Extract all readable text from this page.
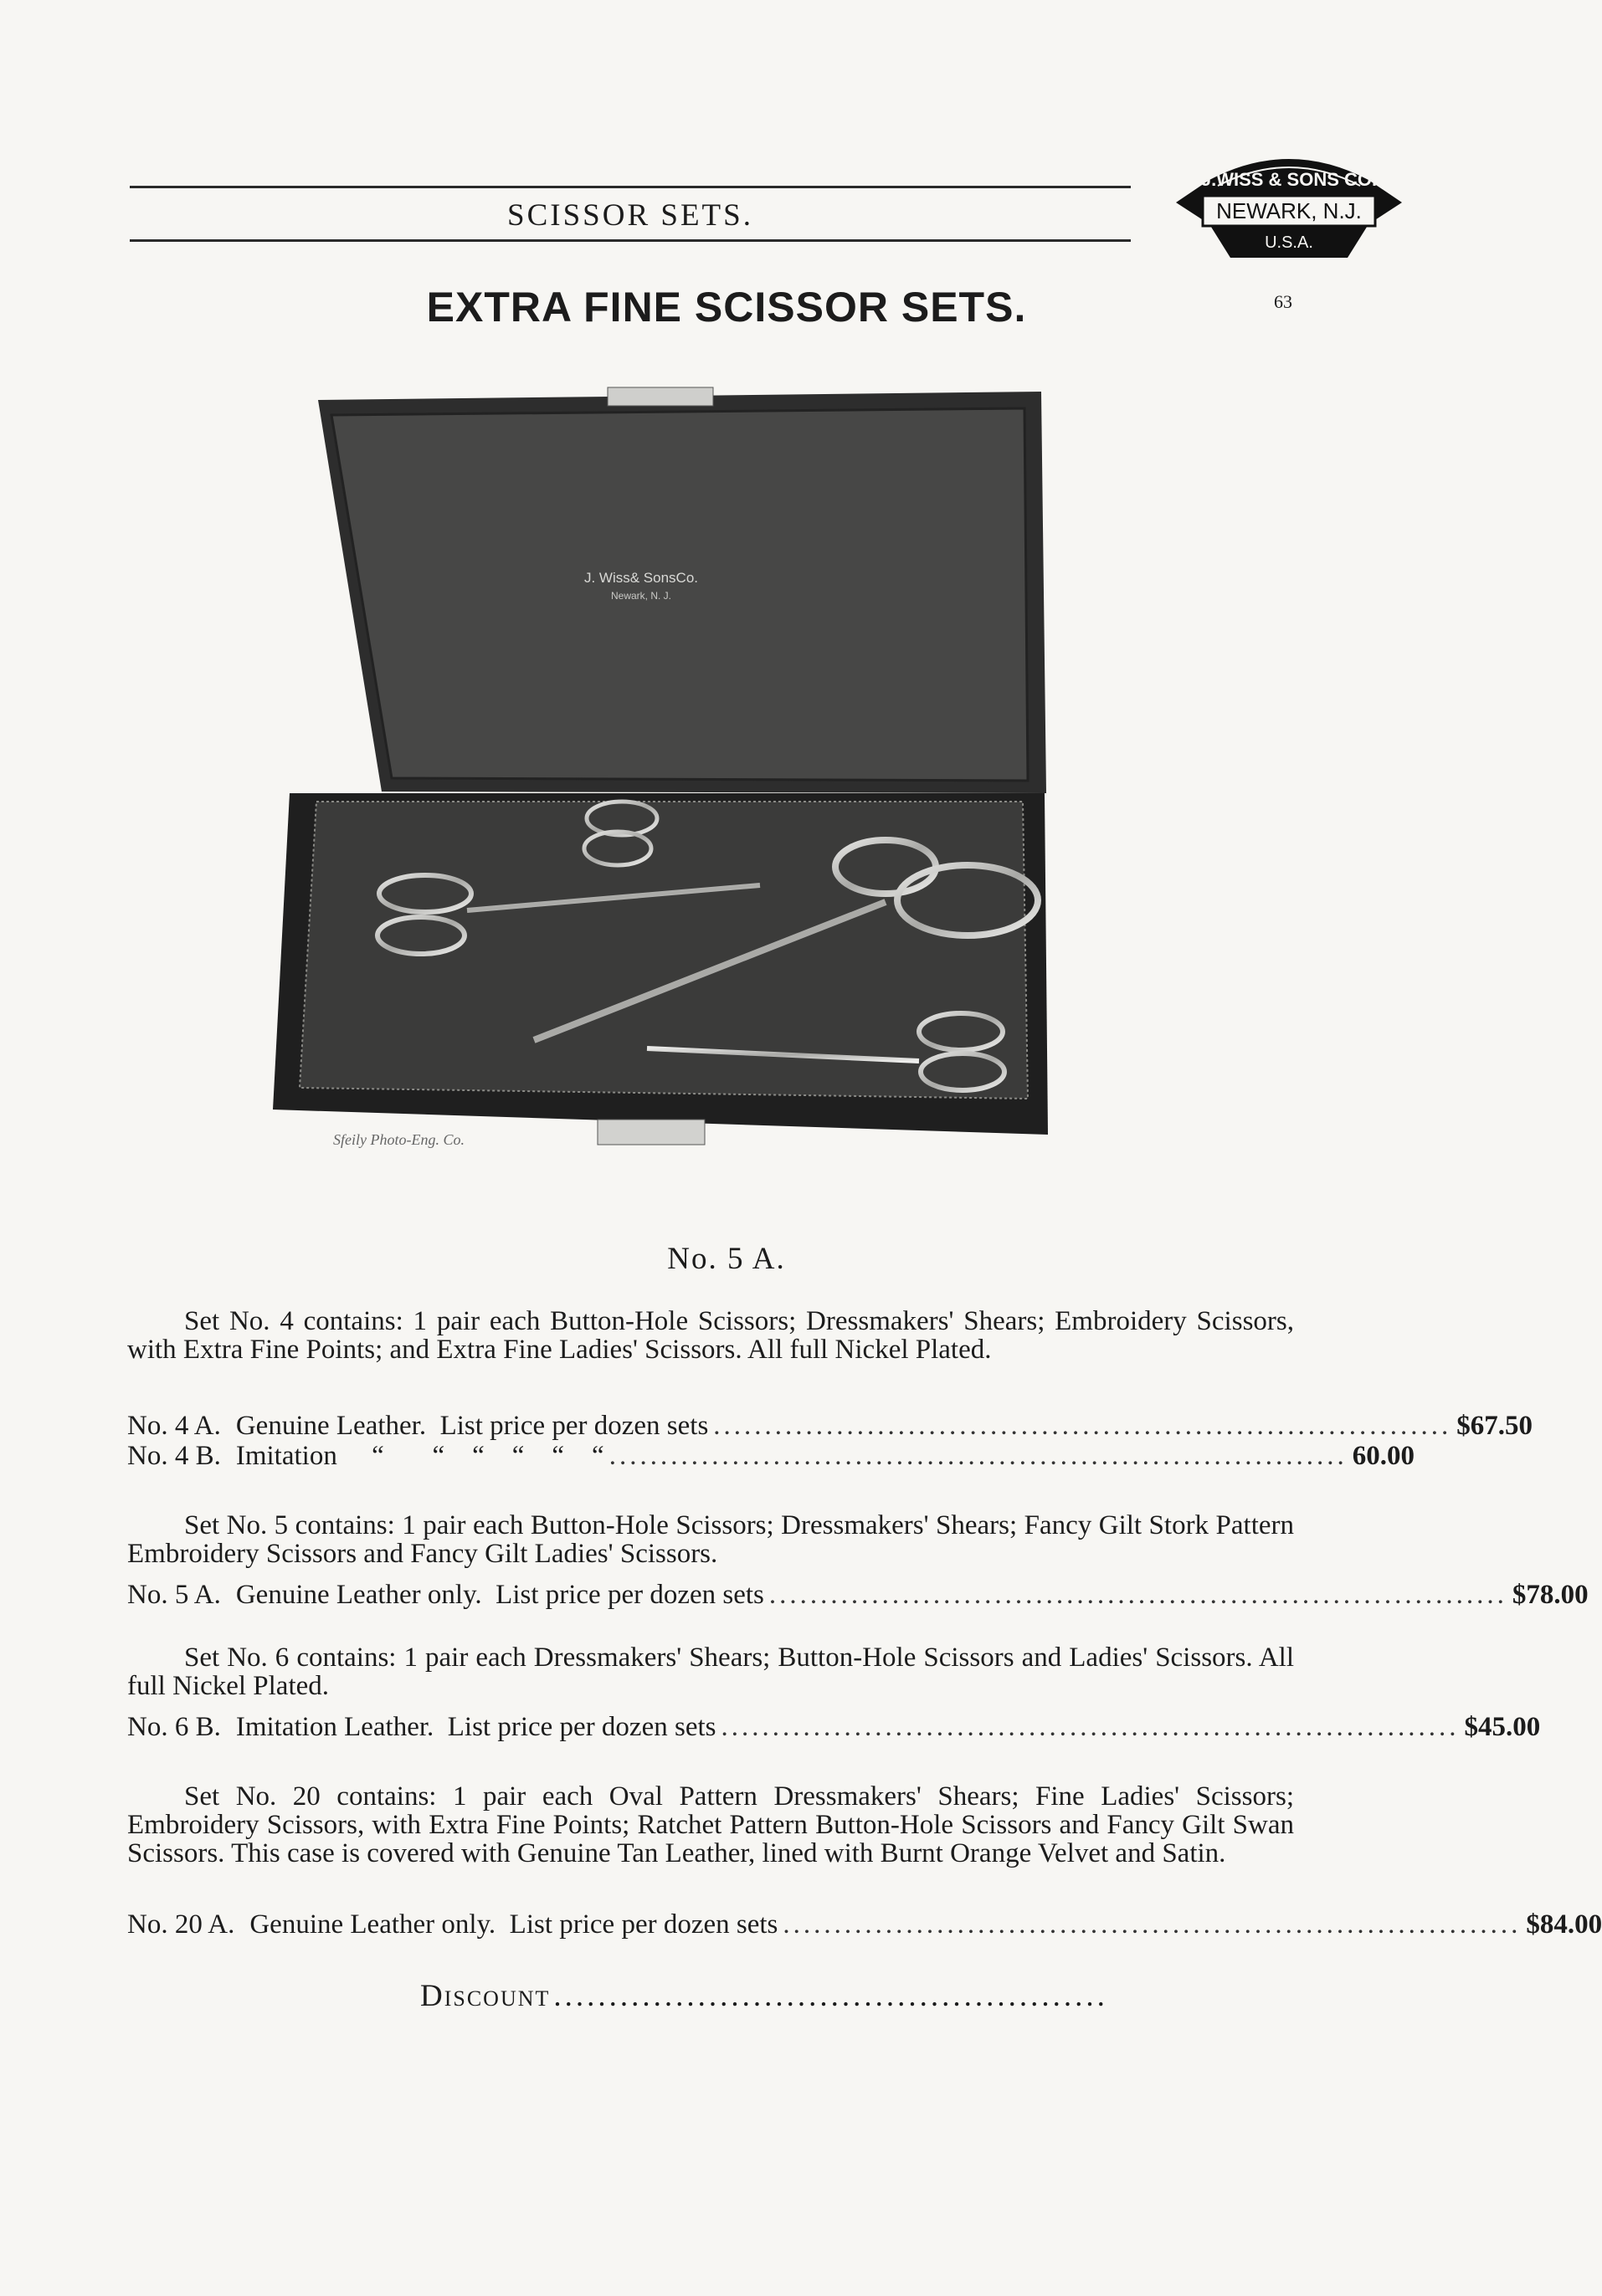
SCISSOR SETS.
J.WISS & SONS CO.
NEWARK, N.J.
U.S.A.
63
EXTRA FINE SCISSOR SETS.
J. Wiss& SonsCo.
Newark, N. J.
Sfeily Photo-Eng. Co.
No. 5 A.
Set No. 4 contains: 1 pair each Button-Hole Scissors; Dressmakers' Shears; Embroidery Scissors, with Extra Fine Points; and Extra Fine Ladies' Scissors. All full Nickel Plated.
No. 4 A. Genuine Leather.  List price per dozen sets ........................................................................ $67.50
No. 4 B. Imitation     “       “    “    “    “    “ ........................................................................ 60.00
Set No. 5 contains: 1 pair each Button-Hole Scissors; Dressmakers' Shears; Fancy Gilt Stork Pattern Embroidery Scissors and Fancy Gilt Ladies' Scissors.
No. 5 A. Genuine Leather only.  List price per dozen sets ........................................................................ $78.00
Set No. 6 contains: 1 pair each Dressmakers' Shears; Button-Hole Scissors and Ladies' Scissors. All full Nickel Plated.
No. 6 B. Imitation Leather.  List price per dozen sets ........................................................................ $45.00
Set No. 20 contains: 1 pair each Oval Pattern Dressmakers' Shears; Fine Ladies' Scissors; Embroidery Scissors, with Extra Fine Points; Ratchet Pattern Button-Hole Scissors and Fancy Gilt Swan Scissors. This case is covered with Genuine Tan Leather, lined with Burnt Orange Velvet and Satin.
No. 20 A. Genuine Leather only.  List price per dozen sets ........................................................................ $84.00
Discount ..................................................
